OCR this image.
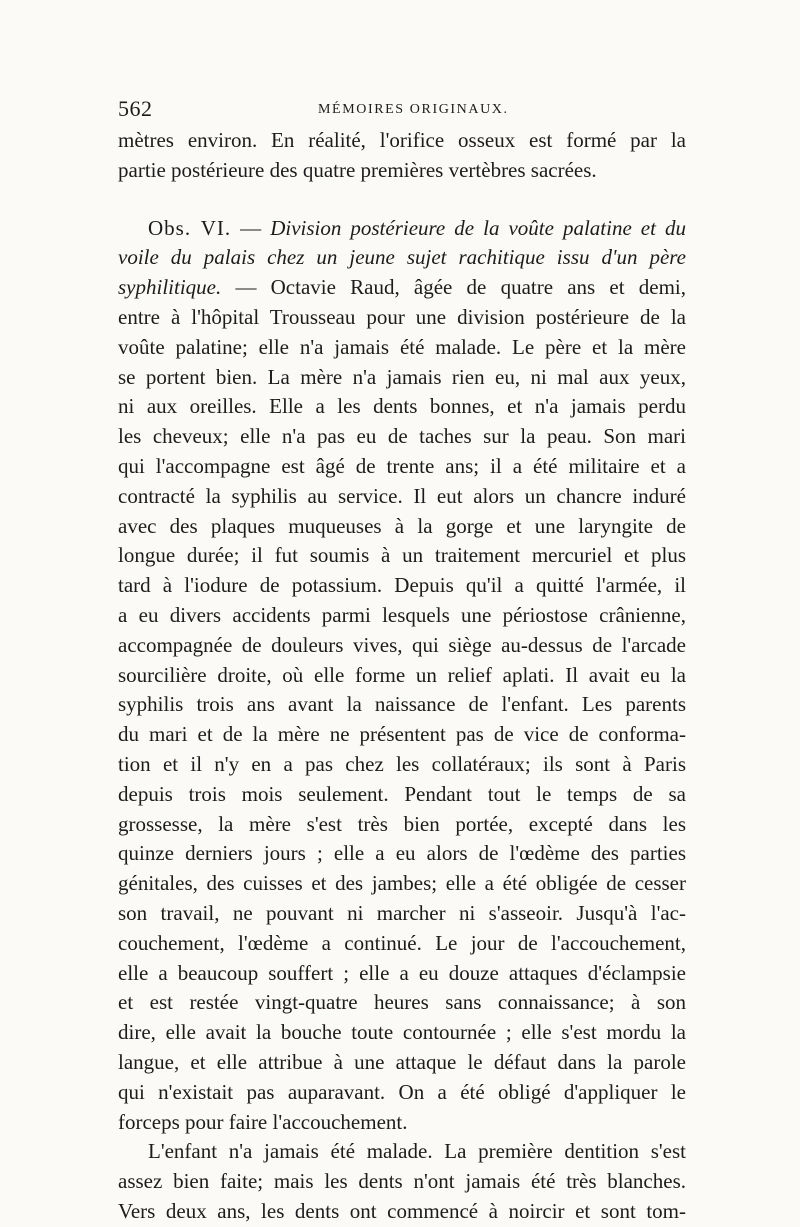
562	MÉMOIRES ORIGINAUX.
mètres environ. En réalité, l'orifice osseux est formé par la
partie postérieure des quatre premières vertèbres sacrées.
Obs. VI. — Division postérieure de la voûte palatine et du
voile du palais chez un jeune sujet rachitique issu d'un père
syphilitique. — Octavie Raud, âgée de quatre ans et demi,
entre à l'hôpital Trousseau pour une division postérieure de la
voûte palatine; elle n'a jamais été malade. Le père et la mère
se portent bien. La mère n'a jamais rien eu, ni mal aux yeux,
ni aux oreilles. Elle a les dents bonnes, et n'a jamais perdu
les cheveux; elle n'a pas eu de taches sur la peau. Son mari
qui l'accompagne est âgé de trente ans; il a été militaire et a
contracté la syphilis au service. Il eut alors un chancre induré
avec des plaques muqueuses à la gorge et une laryngite de
longue durée; il fut soumis à un traitement mercuriel et plus
tard à l'iodure de potassium. Depuis qu'il a quitté l'armée, il
a eu divers accidents parmi lesquels une périostose crânienne,
accompagnée de douleurs vives, qui siège au-dessus de l'arcade
sourcilière droite, où elle forme un relief aplati. Il avait eu la
syphilis trois ans avant la naissance de l'enfant. Les parents
du mari et de la mère ne présentent pas de vice de conforma-
tion et il n'y en a pas chez les collatéraux; ils sont à Paris
depuis trois mois seulement. Pendant tout le temps de sa
grossesse, la mère s'est très bien portée, excepté dans les
quinze derniers jours ; elle a eu alors de l'œdème des parties
génitales, des cuisses et des jambes; elle a été obligée de cesser
son travail, ne pouvant ni marcher ni s'asseoir. Jusqu'à l'ac-
couchement, l'œdème a continué. Le jour de l'accouchement,
elle a beaucoup souffert ; elle a eu douze attaques d'éclampsie
et est restée vingt-quatre heures sans connaissance; à son
dire, elle avait la bouche toute contournée ; elle s'est mordu la
langue, et elle attribue à une attaque le défaut dans la parole
qui n'existait pas auparavant. On a été obligé d'appliquer le
forceps pour faire l'accouchement.
L'enfant n'a jamais été malade. La première dentition s'est
assez bien faite; mais les dents n'ont jamais été très blanches.
Vers deux ans, les dents ont commencé à noircir et sont tom-
